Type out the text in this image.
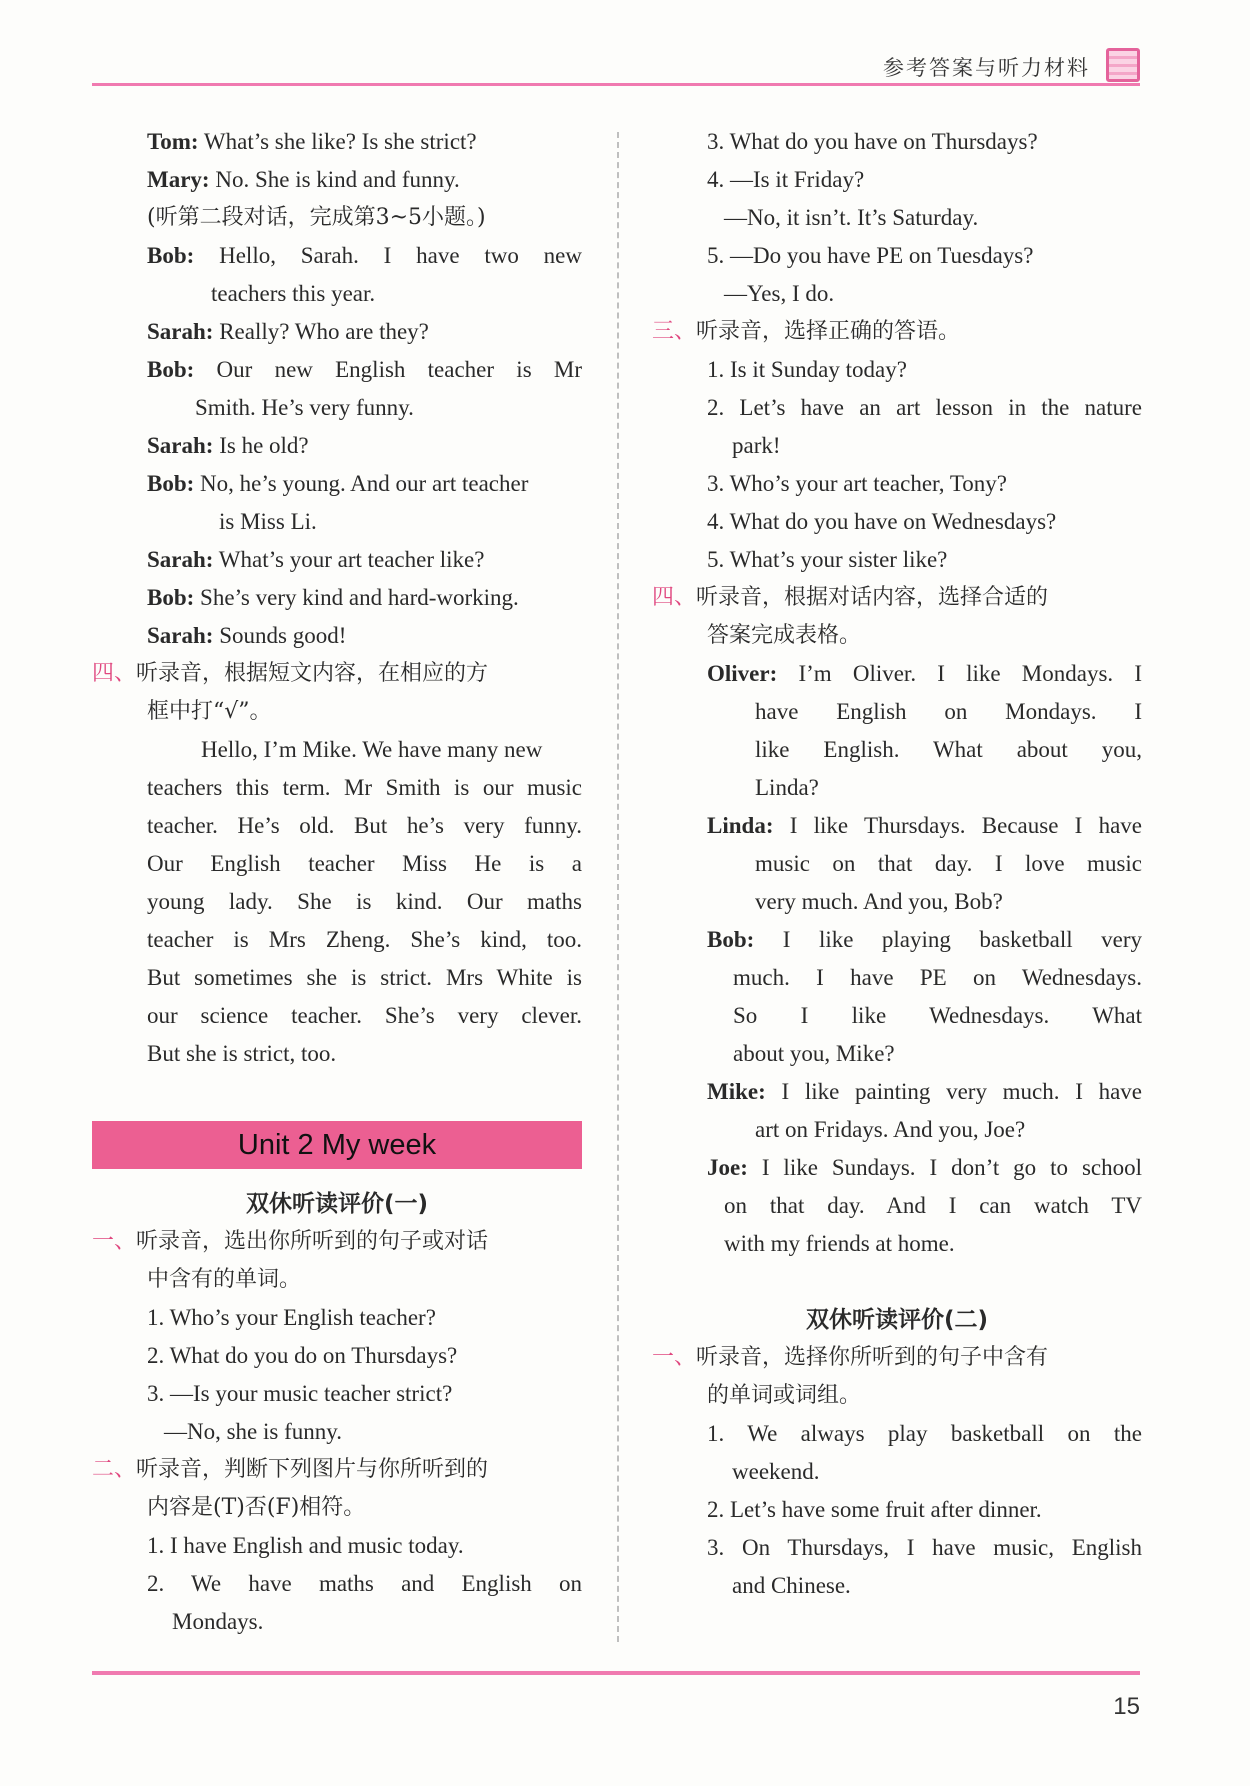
参考答案与听力材料
Tom: What’s she like? Is she strict?
Mary: No. She is kind and funny.
(听第二段对话，完成第3~5小题。)
Bob: Hello, Sarah. I have two new
teachers this year.
Sarah: Really? Who are they?
Bob: Our new English teacher is Mr
Smith. He’s very funny.
Sarah: Is he old?
Bob: No, he’s young. And our art teacher
is Miss Li.
Sarah: What’s your art teacher like?
Bob: She’s very kind and hard-working.
Sarah: Sounds good!
四、听录音，根据短文内容，在相应的方
框中打“√”。
Hello, I’m Mike. We have many new
teachers this term. Mr Smith is our music
teacher. He’s old. But he’s very funny.
Our English teacher Miss He is a
young lady. She is kind. Our maths
teacher is Mrs Zheng. She’s kind, too.
But sometimes she is strict. Mrs White is
our science teacher. She’s very clever.
But she is strict, too.
Unit 2 My week
双休听读评价(一)
一、听录音，选出你所听到的句子或对话
中含有的单词。
1. Who’s your English teacher?
2. What do you do on Thursdays?
3. —Is your music teacher strict?
—No, she is funny.
二、听录音，判断下列图片与你所听到的
内容是(T)否(F)相符。
1. I have English and music today.
2. We have maths and English on
Mondays.
3. What do you have on Thursdays?
4. —Is it Friday?
—No, it isn’t. It’s Saturday.
5. —Do you have PE on Tuesdays?
—Yes, I do.
三、听录音，选择正确的答语。
1. Is it Sunday today?
2. Let’s have an art lesson in the nature
park!
3. Who’s your art teacher, Tony?
4. What do you have on Wednesdays?
5. What’s your sister like?
四、听录音，根据对话内容，选择合适的
答案完成表格。
Oliver: I’m Oliver. I like Mondays. I
have English on Mondays. I
like English. What about you,
Linda?
Linda: I like Thursdays. Because I have
music on that day. I love music
very much. And you, Bob?
Bob: I like playing basketball very
much. I have PE on Wednesdays.
So I like Wednesdays. What
about you, Mike?
Mike: I like painting very much. I have
art on Fridays. And you, Joe?
Joe: I like Sundays. I don’t go to school
on that day. And I can watch TV
with my friends at home.
双休听读评价(二)
一、听录音，选择你所听到的句子中含有
的单词或词组。
1. We always play basketball on the
weekend.
2. Let’s have some fruit after dinner.
3. On Thursdays, I have music, English
and Chinese.
15
